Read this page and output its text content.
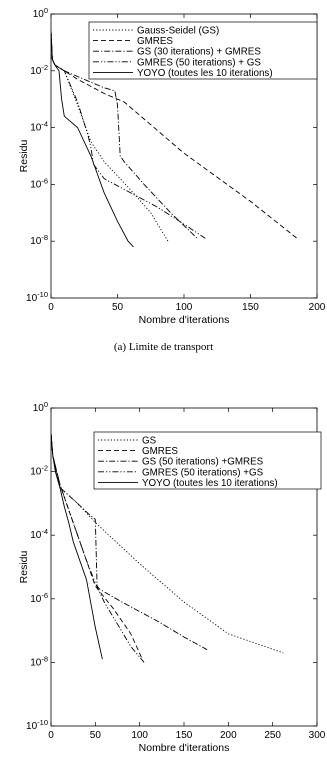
0	50	100	150	200
$10^0$
$10^{-2}$
$10^{-4}$
$10^{-6}$
$10^{-8}$
$10^{-10}$
Nombre d'iterations
Residu
Gauss-Seidel (GS)
GMRES
GS (30 iterations) + GMRES
GMRES (50 iterations) + GS
YOYO (toutes les 10 iterations)
(a) Limite de transport
0	50	100	150	200	250	300
$10^0$
$10^{-2}$
$10^{-4}$
$10^{-6}$
$10^{-8}$
$10^{-10}$
Nombre d'iterations
Residu
GS
GMRES
GS (50 iterations) +GMRES
GMRES (50 iterations) +GS
YOYO (toutes les 10 iterations)
